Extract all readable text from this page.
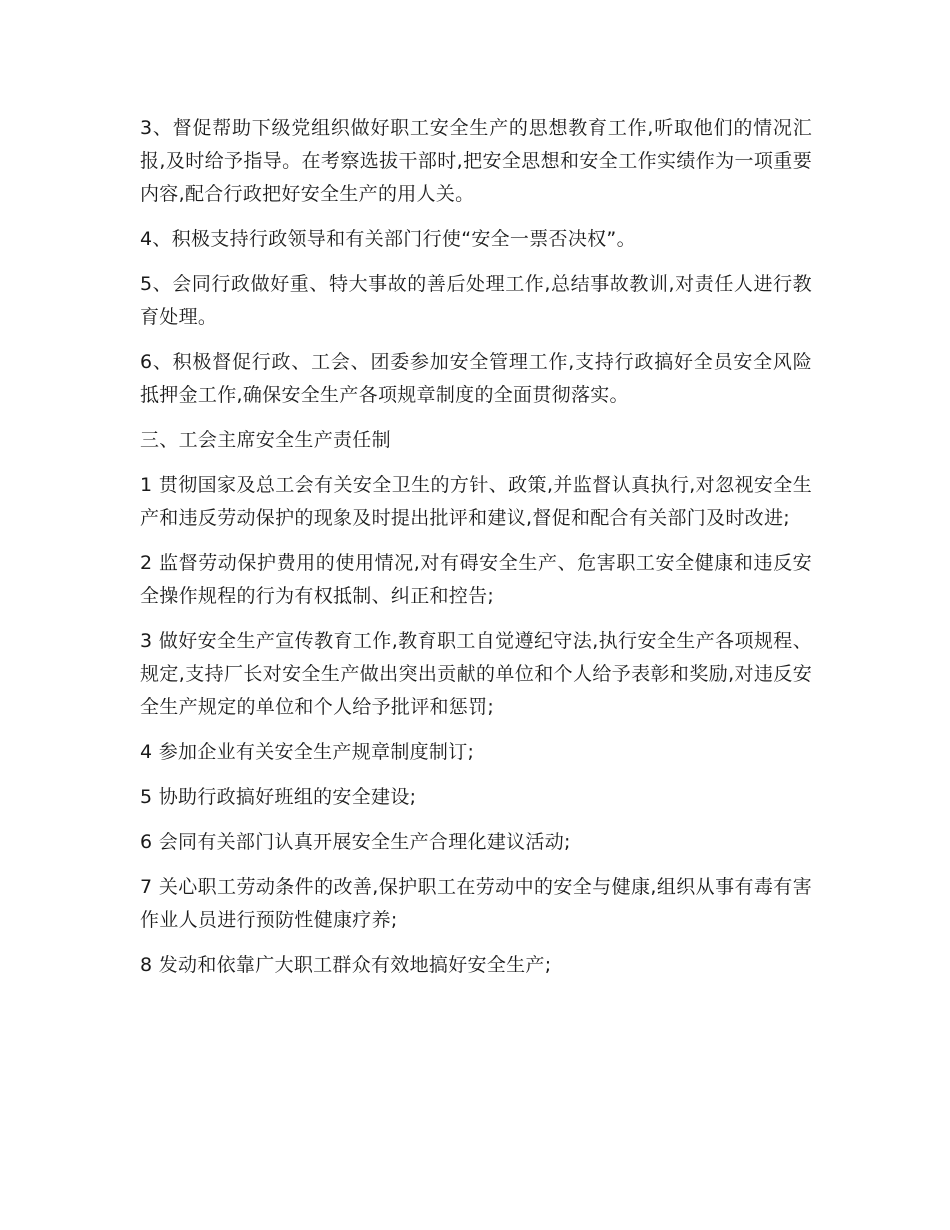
3、督促帮助下级党组织做好职工安全生产的思想教育工作,听取他们的情况汇报,及时给予指导。在考察选拔干部时,把安全思想和安全工作实绩作为一项重要内容,配合行政把好安全生产的用人关。

4、积极支持行政领导和有关部门行使“安全一票否决权”。

5、会同行政做好重、特大事故的善后处理工作,总结事故教训,对责任人进行教育处理。

6、积极督促行政、工会、团委参加安全管理工作,支持行政搞好全员安全风险抵押金工作,确保安全生产各项规章制度的全面贯彻落实。

三、工会主席安全生产责任制

1 贯彻国家及总工会有关安全卫生的方针、政策,并监督认真执行,对忽视安全生产和违反劳动保护的现象及时提出批评和建议,督促和配合有关部门及时改进;

2 监督劳动保护费用的使用情况,对有碍安全生产、危害职工安全健康和违反安全操作规程的行为有权抵制、纠正和控告;

3 做好安全生产宣传教育工作,教育职工自觉遵纪守法,执行安全生产各项规程、规定,支持厂长对安全生产做出突出贡献的单位和个人给予表彰和奖励,对违反安全生产规定的单位和个人给予批评和惩罚;

4 参加企业有关安全生产规章制度制订;

5 协助行政搞好班组的安全建设;

6 会同有关部门认真开展安全生产合理化建议活动;

7 关心职工劳动条件的改善,保护职工在劳动中的安全与健康,组织从事有毒有害作业人员进行预防性健康疗养;

8 发动和依靠广大职工群众有效地搞好安全生产;
